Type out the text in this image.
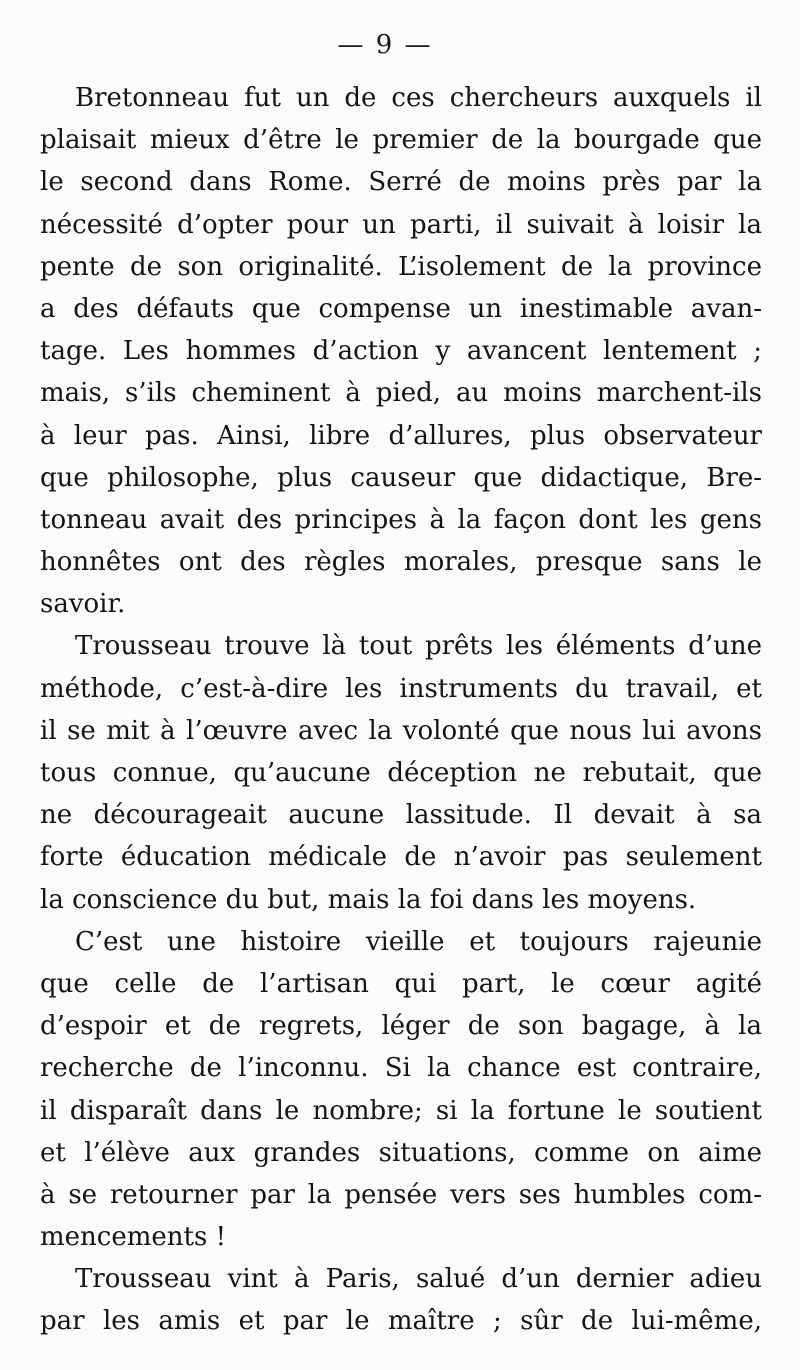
— 9 —
Bretonneau fut un de ces chercheurs auxquels il
plaisait mieux d’être le premier de la bourgade que
le second dans Rome. Serré de moins près par la
nécessité d’opter pour un parti, il suivait à loisir la
pente de son originalité. L’isolement de la province
a des défauts que compense un inestimable avan-
tage. Les hommes d’action y avancent lentement ;
mais, s’ils cheminent à pied, au moins marchent-ils
à leur pas. Ainsi, libre d’allures, plus observateur
que philosophe, plus causeur que didactique, Bre-
tonneau avait des principes à la façon dont les gens
honnêtes ont des règles morales, presque sans le
savoir.
Trousseau trouve là tout prêts les éléments d’une
méthode, c’est-à-dire les instruments du travail, et
il se mit à l’œuvre avec la volonté que nous lui avons
tous connue, qu’aucune déception ne rebutait, que
ne décourageait aucune lassitude. Il devait à sa
forte éducation médicale de n’avoir pas seulement
la conscience du but, mais la foi dans les moyens.
C’est une histoire vieille et toujours rajeunie
que celle de l’artisan qui part, le cœur agité
d’espoir et de regrets, léger de son bagage, à la
recherche de l’inconnu. Si la chance est contraire,
il disparaît dans le nombre; si la fortune le soutient
et l’élève aux grandes situations, comme on aime
à se retourner par la pensée vers ses humbles com-
mencements !
Trousseau vint à Paris, salué d’un dernier adieu
par les amis et par le maître ; sûr de lui-même,
